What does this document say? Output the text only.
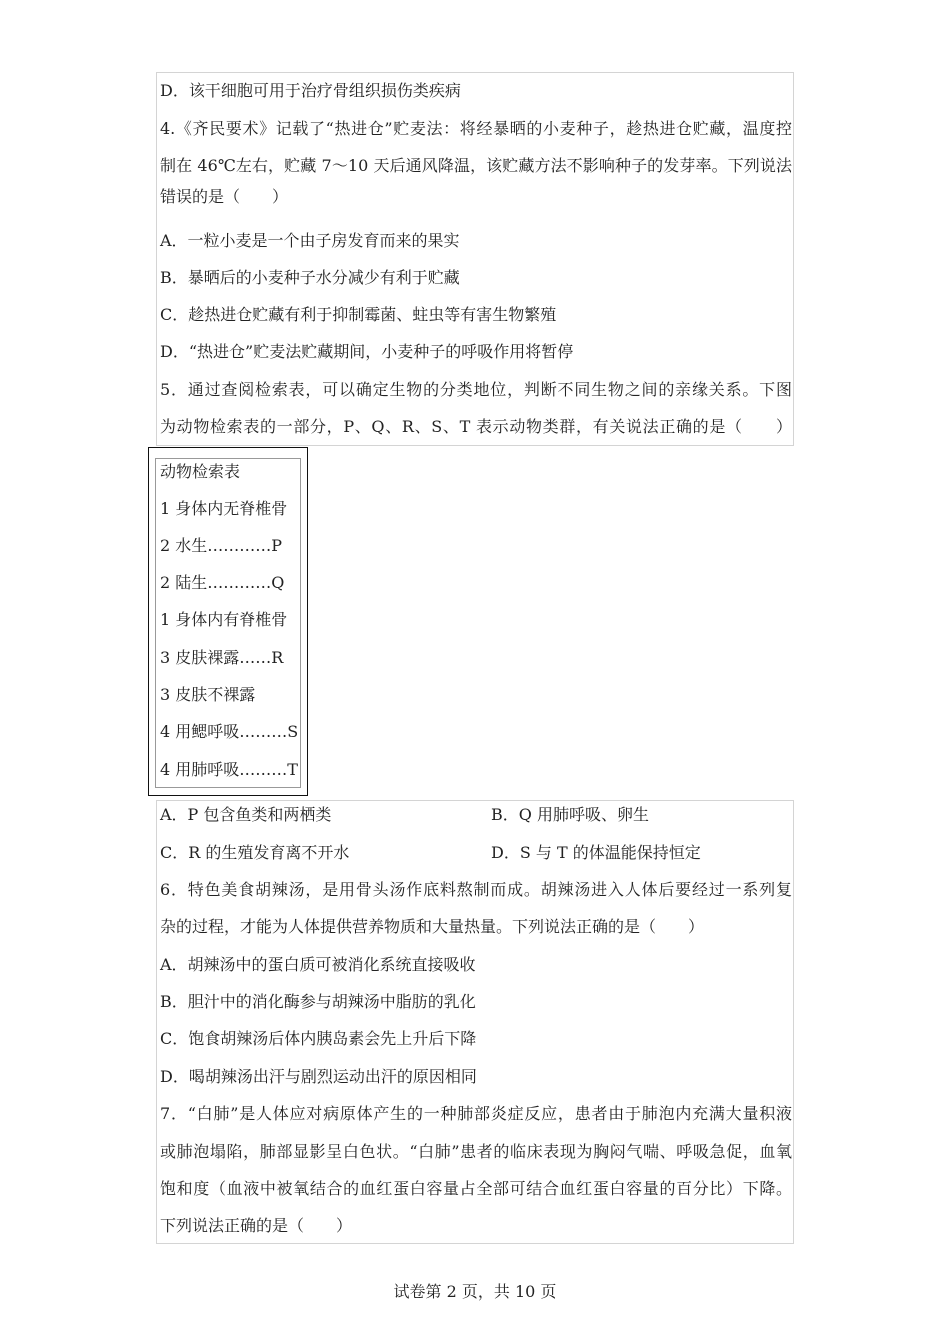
D．该干细胞可用于治疗骨组织损伤类疾病
4.《齐民要术》记载了“热进仓”贮麦法：将经暴晒的小麦种子，趁热进仓贮藏，温度控
制在 46℃左右，贮藏 7～10 天后通风降温，该贮藏方法不影响种子的发芽率。下列说法
错误的是（　　）
A．一粒小麦是一个由子房发育而来的果实
B．暴晒后的小麦种子水分减少有利于贮藏
C．趁热进仓贮藏有利于抑制霉菌、蛀虫等有害生物繁殖
D．“热进仓”贮麦法贮藏期间，小麦种子的呼吸作用将暂停
5．通过查阅检索表，可以确定生物的分类地位，判断不同生物之间的亲缘关系。下图
为动物检索表的一部分，P、Q、R、S、T 表示动物类群，有关说法正确的是（　　）
动物检索表
1 身体内无脊椎骨
2 水生…………P
2 陆生…………Q
1 身体内有脊椎骨
3 皮肤裸露……R
3 皮肤不裸露
4 用鳃呼吸………S
4 用肺呼吸………T
A．P 包含鱼类和两栖类	B．Q 用肺呼吸、卵生
C．R 的生殖发育离不开水	D．S 与 T 的体温能保持恒定
6．特色美食胡辣汤，是用骨头汤作底料熬制而成。胡辣汤进入人体后要经过一系列复
杂的过程，才能为人体提供营养物质和大量热量。下列说法正确的是（　　）
A．胡辣汤中的蛋白质可被消化系统直接吸收
B．胆汁中的消化酶参与胡辣汤中脂肪的乳化
C．饱食胡辣汤后体内胰岛素会先上升后下降
D．喝胡辣汤出汗与剧烈运动出汗的原因相同
7．“白肺”是人体应对病原体产生的一种肺部炎症反应，患者由于肺泡内充满大量积液
或肺泡塌陷，肺部显影呈白色状。“白肺”患者的临床表现为胸闷气喘、呼吸急促，血氧
饱和度（血液中被氧结合的血红蛋白容量占全部可结合血红蛋白容量的百分比）下降。
下列说法正确的是（　　）
试卷第 2 页，共 10 页
